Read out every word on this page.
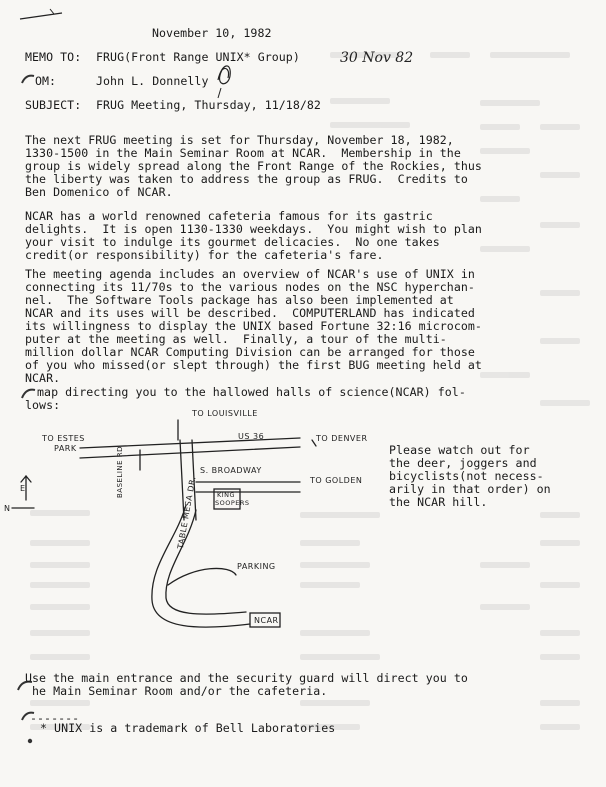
November 10, 1982
MEMO TO: FRUG(Front Range UNIX* Group)	30 Nov 82
OM:	John L. Donnelly
SUBJECT: FRUG Meeting, Thursday, 11/18/82
The next FRUG meeting is set for Thursday, November 18, 1982,
1330-1500 in the Main Seminar Room at NCAR.  Membership in the
group is widely spread along the Front Range of the Rockies, thus
the liberty was taken to address the group as FRUG.  Credits to
Ben Domenico of NCAR.
NCAR has a world renowned cafeteria famous for its gastric
delights.  It is open 1130-1330 weekdays.  You might wish to plan
your visit to indulge its gourmet delicacies.  No one takes
credit(or responsibility) for the cafeteria's fare.
The meeting agenda includes an overview of NCAR's use of UNIX in
connecting its 11/70s to the various nodes on the NSC hyperchan-
nel.  The Software Tools package has also been implemented at
NCAR and its uses will be described.  COMPUTERLAND has indicated
its willingness to display the UNIX based Fortune 32:16 microcom-
puter at the meeting as well.  Finally, a tour of the multi-
million dollar NCAR Computing Division can be arranged for those
of you who missed(or slept through) the first BUG meeting held at
NCAR.
map directing you to the hallowed halls of science(NCAR) fol-
lows:
Please watch out for
the deer, joggers and
bicyclists(not necess-
arily in that order) on
the NCAR hill.
TO LOUISVILLE
US 36	TO DENVER
TO ESTES
PARK
S. BROADWAY
TO GOLDEN
BASELINE RD
TABLE MESA DR.	KING
SOOPERS
PARKING
NCAR
N
E
Use the main entrance and the security guard will direct you to
he Main Seminar Room and/or the cafeteria.
-------
* UNIX is a trademark of Bell Laboratories
